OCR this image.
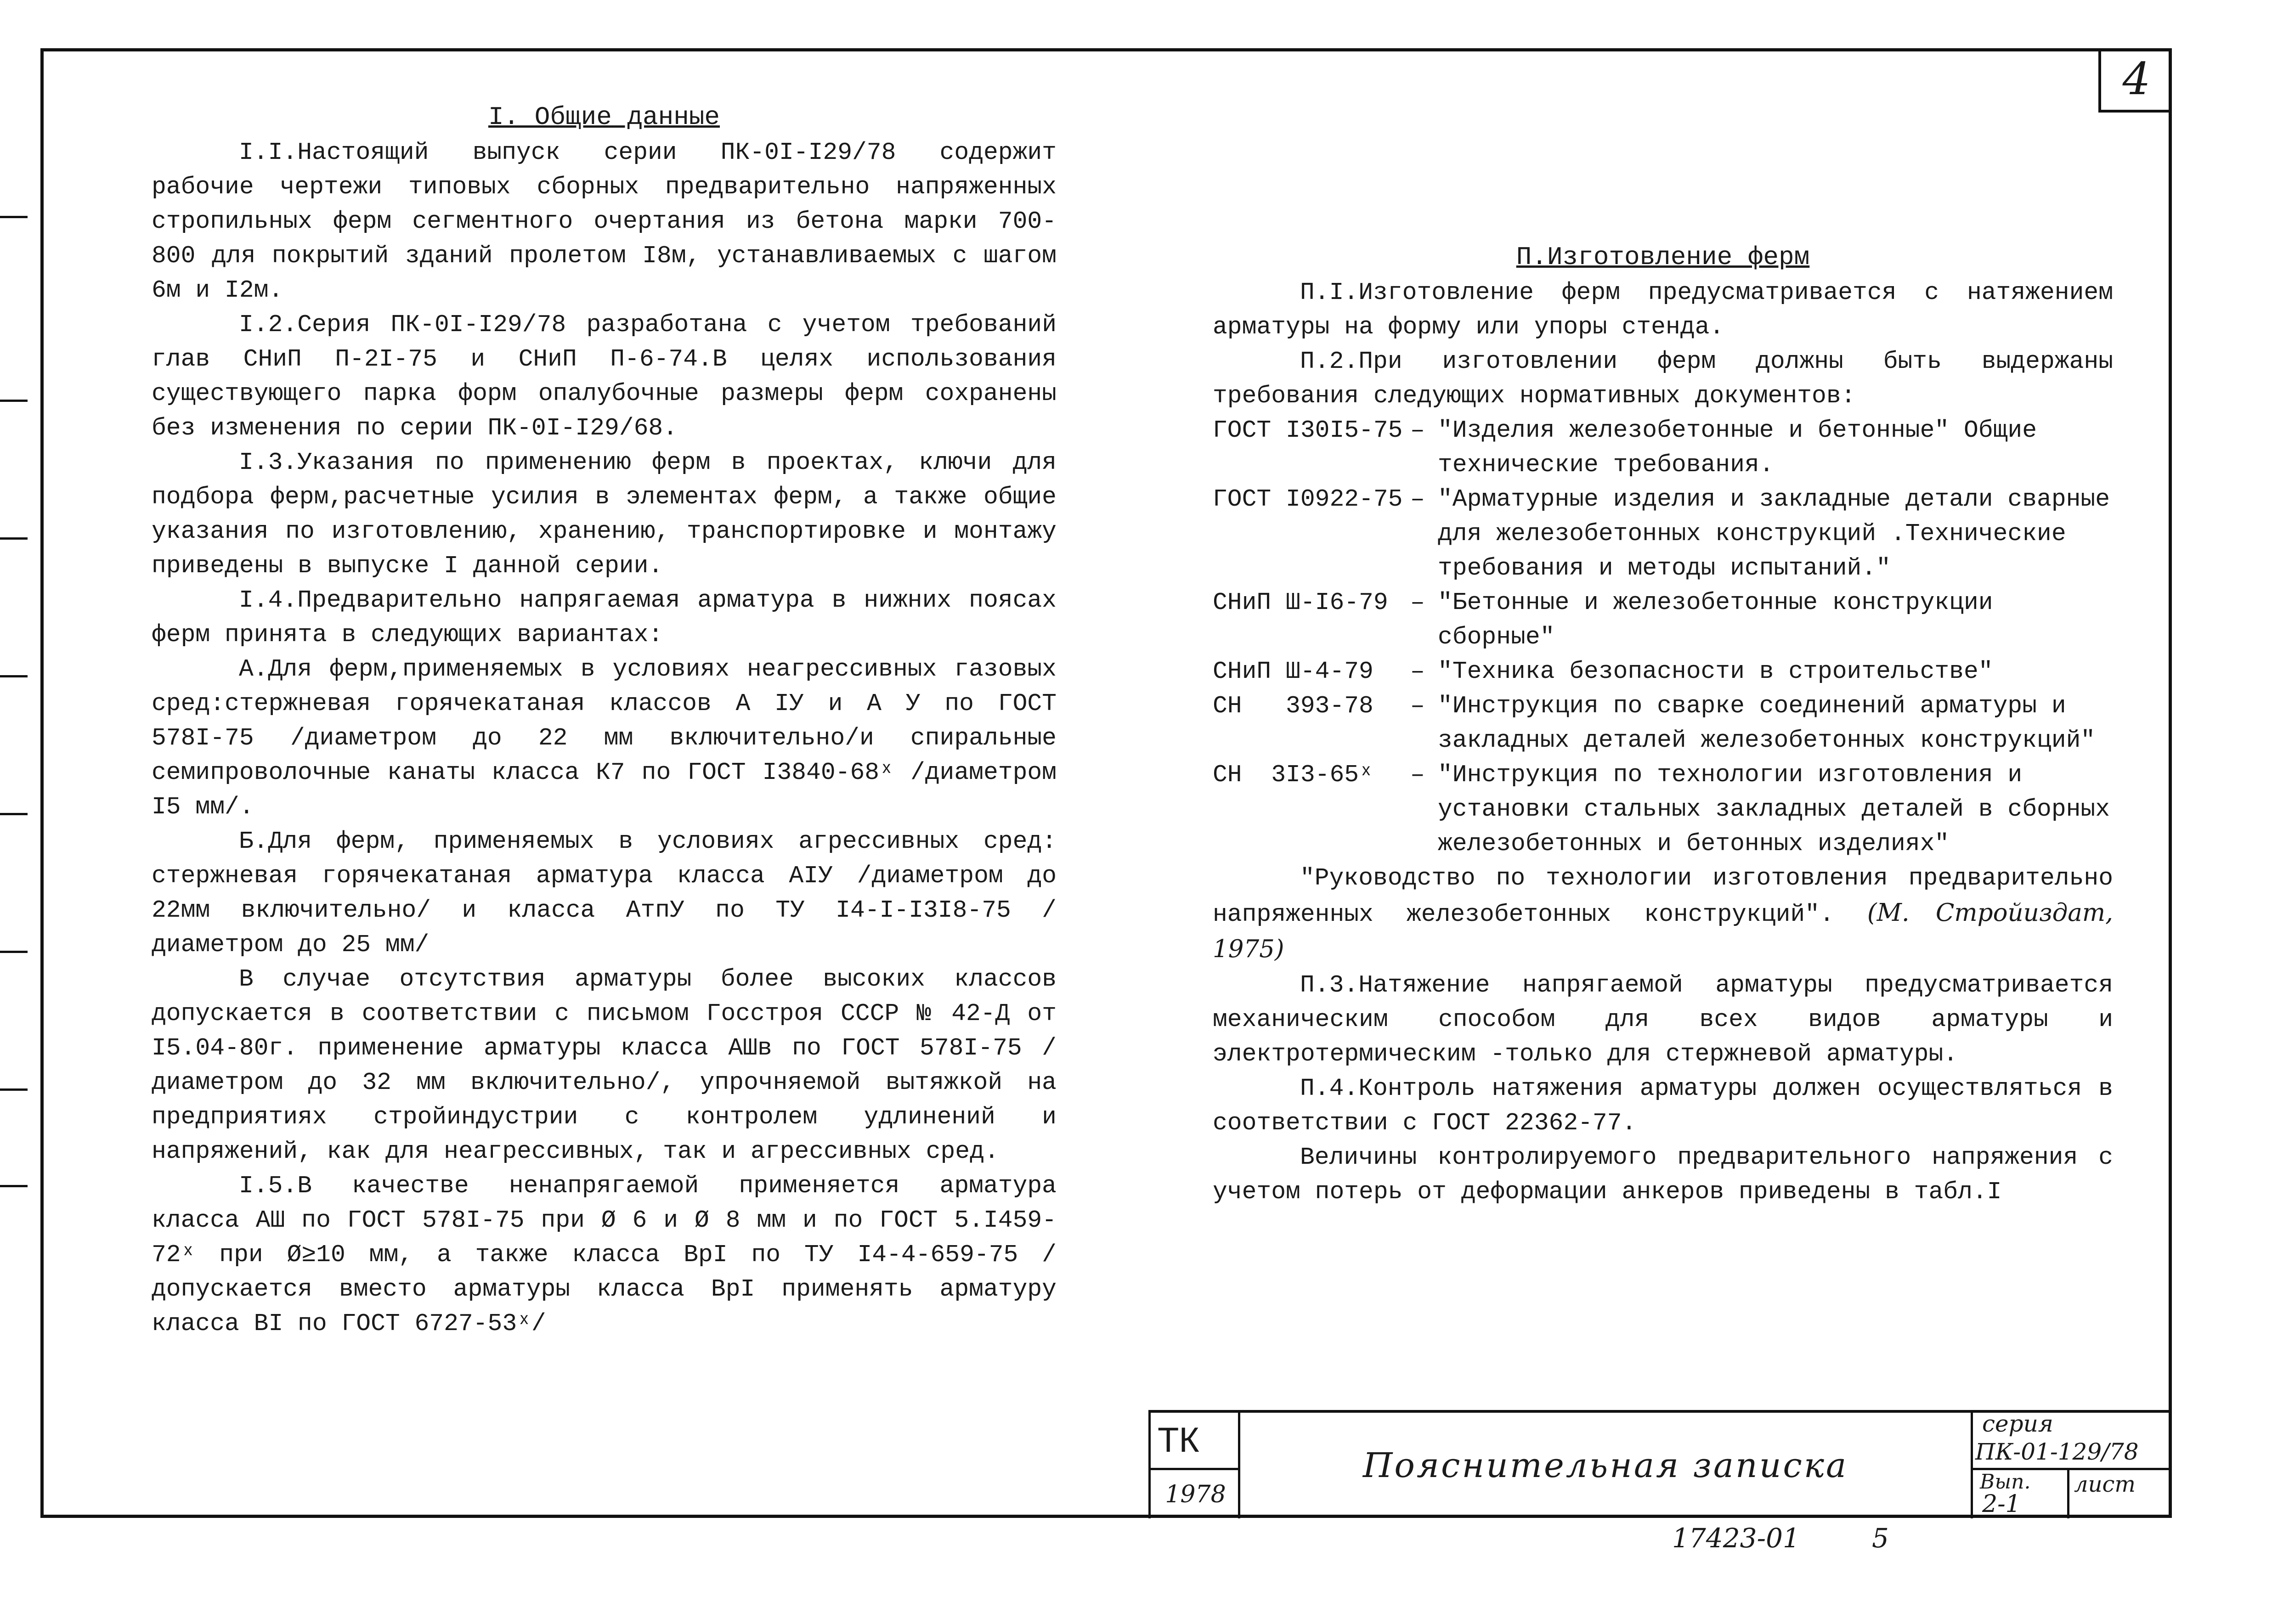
4
I. Общие данные

I.I.Настоящий выпуск серии ПК-0I-I29/78 содержит рабочие чертежи типовых сборных предварительно напряженных стропильных ферм сегментного очертания из бетона марки 700-800 для покрытий зданий пролетом I8м, устанавливаемых с шагом 6м и I2м.

I.2.Серия ПК-0I-I29/78 разработана с учетом требований глав СНиП П-2I-75 и СНиП П-6-74.В целях использования существующего парка форм опалубочные размеры ферм сохранены без изменения по серии ПК-0I-I29/68.

I.3.Указания по применению ферм в проектах, ключи для подбора ферм,расчетные усилия в элементах ферм, а также общие указания по изготовлению, хранению, транспортировке и монтажу приведены в выпуске I данной серии.

I.4.Предварительно напрягаемая арматура в нижних поясах ферм принята в следующих вариантах:

А.Для ферм,применяемых в условиях неагрессивных газовых сред:стержневая горячекатаная классов А IУ и А У по ГОСТ 578I-75 /диаметром до 22 мм включительно/и спиральные семипроволочные канаты класса К7 по ГОСТ I3840-68ˣ /диаметром I5 мм/.

Б.Для ферм, применяемых в условиях агрессивных сред: стержневая горячекатаная арматура класса АIУ /диаметром до 22мм включительно/ и класса АтпУ по ТУ I4-I-I3I8-75 /диаметром до 25 мм/

В случае отсутствия арматуры более высоких классов допускается в соответствии с письмом Госстроя СССР № 42-Д от I5.04-80г. применение арматуры класса АШв по ГОСТ 578I-75 /диаметром до 32 мм включительно/, упрочняемой вытяжкой на предприятиях стройиндустрии с контролем удлинений и напряжений, как для неагрессивных, так и агрессивных сред.

I.5.В качестве ненапрягаемой применяется арматура класса АШ по ГОСТ 578I-75 при Ø 6 и Ø 8 мм и по ГОСТ 5.I459-72ˣ при Ø≥10 мм, а также класса ВрI по ТУ I4-4-659-75 /допускается вместо арматуры класса ВрI применять арматуру класса ВI по ГОСТ 6727-53ˣ/

П.Изготовление ферм

П.I.Изготовление ферм предусматривается с натяжением арматуры на форму или упоры стенда.

П.2.При изготовлении ферм должны быть выдержаны требования следующих нормативных документов:

ГОСТ I30I5-75 – "Изделия железобетонные и бетонные" Общие технические требования.
ГОСТ I0922-75 – "Арматурные изделия и закладные детали сварные для железобетонных конструкций .Технические требования и методы испытаний."
СНиП Ш-I6-79 – "Бетонные и железобетонные конструкции сборные"
СНиП Ш-4-79	– "Техника безопасности в строительстве"
СН   393-78	– "Инструкция по сварке соединений арматуры и закладных деталей железобетонных конструкций"
СН  3I3-65ˣ	– "Инструкция по технологии изготовления и установки стальных закладных деталей в сборных железобетонных и бетонных изделиях"

"Руководство по технологии изготовления предварительно напряженных железобетонных конструкций". (М. Стройиздат, 1975)

П.3.Натяжение напрягаемой арматуры предусматривается механическим способом для всех видов арматуры и электротермическим -только для стержневой арматуры.

П.4.Контроль натяжения арматуры должен осуществляться в соответствии с ГОСТ 22362-77.

Величины контролируемого предварительного напряжения с учетом потерь от деформации анкеров приведены в табл.I

ТК
1978
Пояснительная записка
серия
ПК-01-129/78
Вып.
2-1
лист
17423-01	5
